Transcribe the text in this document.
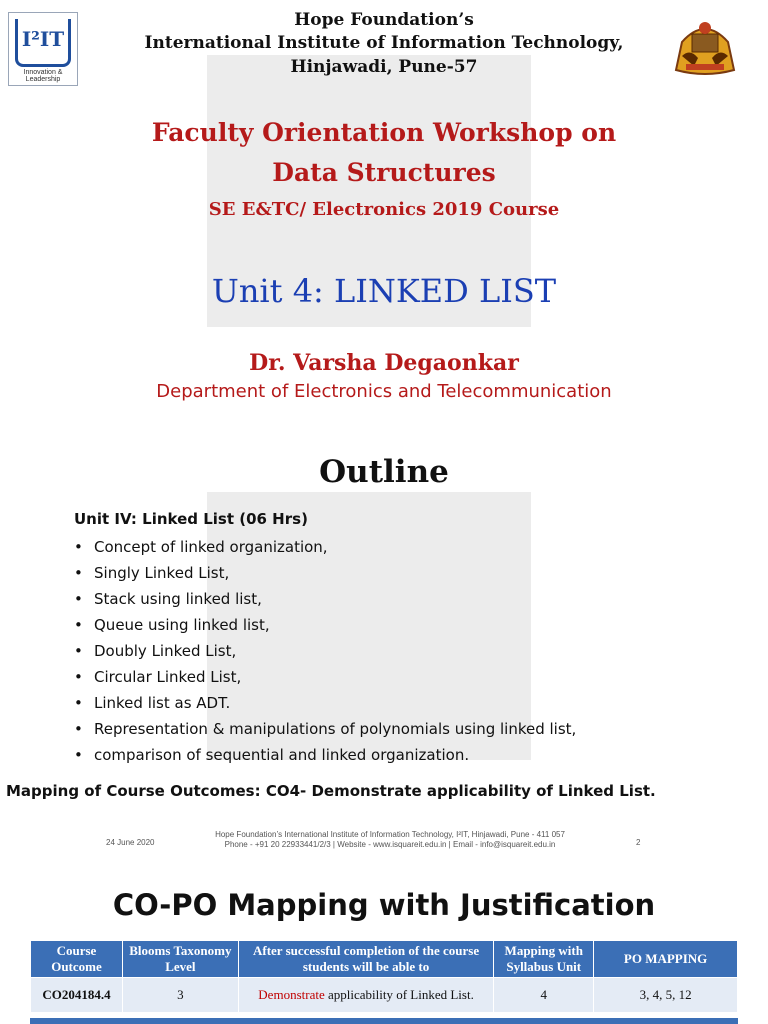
I²IT
Innovation & Leadership
Hope Foundation’s
International Institute of Information Technology,
Hinjawadi, Pune-57
Faculty Orientation Workshop on
Data Structures
SE E&TC/ Electronics 2019 Course
Unit 4: LINKED LIST
Dr. Varsha Degaonkar
Department of Electronics and Telecommunication
Outline
Unit IV: Linked List (06 Hrs)
• Concept of linked organization,
• Singly Linked List,
• Stack using linked list,
• Queue using linked list,
• Doubly Linked List,
• Circular Linked List,
• Linked list as ADT.
• Representation & manipulations of polynomials using linked list,
• comparison of sequential and linked organization.
Mapping of Course Outcomes: CO4- Demonstrate applicability of Linked List.
24 June 2020
Hope Foundation’s International Institute of Information Technology, I²IT, Hinjawadi, Pune - 411 057
Phone - +91 20 22933441/2/3 | Website - www.isquareit.edu.in | Email - info@isquareit.edu.in	2
CO-PO Mapping with Justification
Course Outcome	Blooms Taxonomy Level	After successful completion of the course students will be able to	Mapping with Syllabus Unit	PO MAPPING
CO204184.4	3	Demonstrate applicability of Linked List.	4	3, 4, 5, 12
